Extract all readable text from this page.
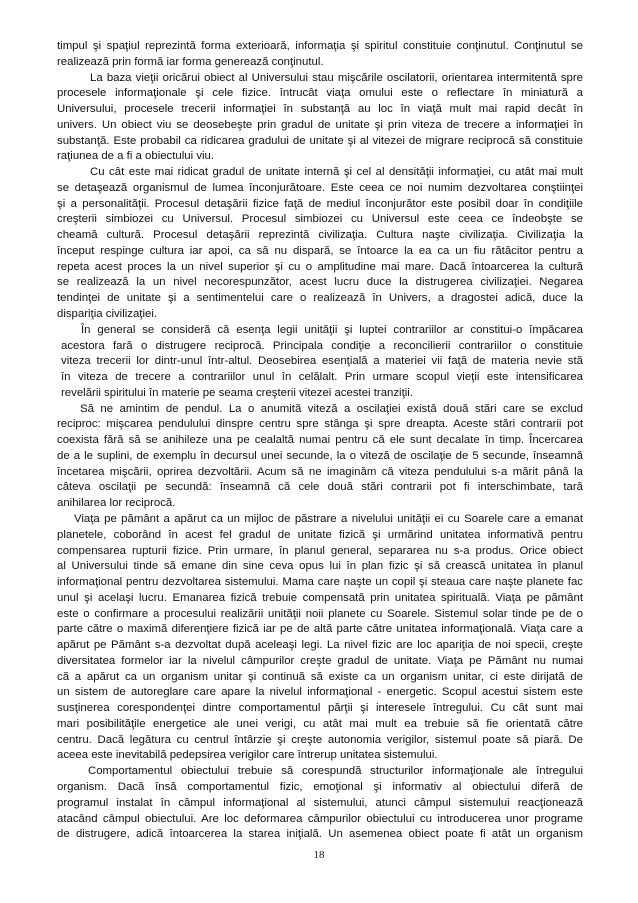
timpul şi spaţiul reprezintă forma exterioară, informaţia şi spiritul constituie conţinutul. Conţinutul se
realizează prin formă iar forma generează conţinutul.
La baza vieţii oricărui obiect al Universului stau mişcările oscilatorii, orientarea intermitentă spre
procesele informaţionale şi cele fizice. întrucât viaţa omului este o reflectare în miniatură a
Universului, procesele trecerii informaţiei în substanţă au loc în viaţă mult mai rapid decât în
univers. Un obiect viu se deosebeşte prin gradul de unitate şi prin viteza de trecere a informaţiei în
substanţă. Este probabil ca ridicarea gradului de unitate şi al vitezei de migrare reciprocă să constituie
raţiunea de a fi a obiectului viu.
Cu cât este mai ridicat gradul de unitate internă şi cel al densităţii informaţiei, cu atât mai mult
se detaşează organismul de lumea înconjurătoare. Este ceea ce noi numim dezvoltarea conştiinţei
şi a personalităţii. Procesul detaşării fizice faţă de mediul înconjurător este posibil doar în condiţiile
creşterii simbiozei cu Universul. Procesul simbiozei cu Universul este ceea ce îndeobşte se
cheamă cultură. Procesul detaşării reprezintă civilizaţia. Cultura naşte civilizaţia. Civilizaţia la
început respinge cultura iar apoi, ca să nu dispară, se întoarce la ea ca un fiu rătăcitor pentru a
repeta acest proces la un nivel superior şi cu o amplitudine mai mare. Dacă întoarcerea la cultură
se realizează la un nivel necorespunzător, acest lucru duce la distrugerea civilizaţiei. Negarea
tendinţei de unitate şi a sentimentelui care o realizează în Univers, a dragostei adică, duce la
dispariţia civilizaţiei.
În general se consideră că esenţa legii unităţii şi luptei contrariilor ar constitui-o împăcarea
acestora fară o distrugere reciprocă. Principala condiţie a reconcilierii contrariilor o constituie
viteza trecerii lor dintr-unul într-altul. Deosebirea esenţială a materiei vii faţă de materia nevie stă
în viteza de trecere a contrariilor unul în celălalt. Prin urmare scopul vieţii este intensificarea
revelării spiritului în materie pe seama creşterii vitezei acestei tranziţii.
Să ne amintim de pendul. La o anumită viteză a oscilaţiei există două stări care se exclud
reciproc: mişcarea pendulului dinspre centru spre stânga şi spre dreapta. Aceste stări contrarii pot
coexista fără să se anihileze una pe cealaltă numai pentru că ele sunt decalate în timp. Încercarea
de a le suplini, de exemplu în decursul unei secunde, la o viteză de oscilaţie de 5 secunde, înseamnă
încetarea mişcării, oprirea dezvoltării. Acum să ne imaginăm că viteza pendulului s-a mărit până la
câteva oscilaţii pe secundă: înseamnă că cele două stări contrarii pot fi interschimbate, tară
anihilarea lor reciprocă.
Viaţa pe pământ a apărut ca un mijloc de păstrare a nivelului unităţii ei cu Soarele care a emanat
planetele, coborând în acest fel gradul de unitate fizică şi urmărind unitatea informativă pentru
compensarea rupturii fizice. Prin urmare, în planul general, separarea nu s-a produs. Orice obiect
al Universului tinde să emane din sine ceva opus lui în plan fizic şi să crească unitatea în planul
informaţional pentru dezvoltarea sistemului. Mama care naşte un copil şi steaua care naşte planete fac
unul şi acelaşi lucru. Emanarea fizică trebuie compensată prin unitatea spirituală. Viaţa pe pământ
este o confirmare a procesului realizării unităţii noii planete cu Soarele. Sistemul solar tinde pe de o
parte către o maximă diferenţiere fizică iar pe de altă parte către unitatea informaţională. Viaţa care a
apărut pe Pământ s-a dezvoltat după aceleaşi legi. La nivel fizic are loc apariţia de noi specii, creşte
diversitatea formelor iar la nivelul câmpurilor creşte gradul de unitate. Viaţa pe Pământ nu numai
că a apărut ca un organism unitar şi continuă să existe ca un organism unitar, ci este dirijată de
un sistem de autoreglare care apare la nivelul informaţional - energetic. Scopul acestui sistem este
susţinerea corespondenţei dintre comportamentul părţii şi interesele întregului. Cu cât sunt mai
mari posibilităţile energetice ale unei verigi, cu atât mai mult ea trebuie să fie orientată către
centru. Dacă legătura cu centrul întârzie şi creşte autonomia verigilor, sistemul poate să piară. De
aceea este inevitabilă pedepsirea verigilor care întrerup unitatea sistemului.
Comportamentul obiectului trebuie să corespundă structurilor informaţionale ale întregului
organism. Dacă însă comportamentul fizic, emoţional şi informativ al obiectului diferă de
programul instalat în câmpul informaţional al sistemului, atunci câmpul sistemului reacţionează
atacând câmpul obiectului. Are loc deformarea câmpurilor obiectului cu introducerea unor programe
de distrugere, adică întoarcerea la starea iniţială. Un asemenea obiect poate fi atât un organism
18
